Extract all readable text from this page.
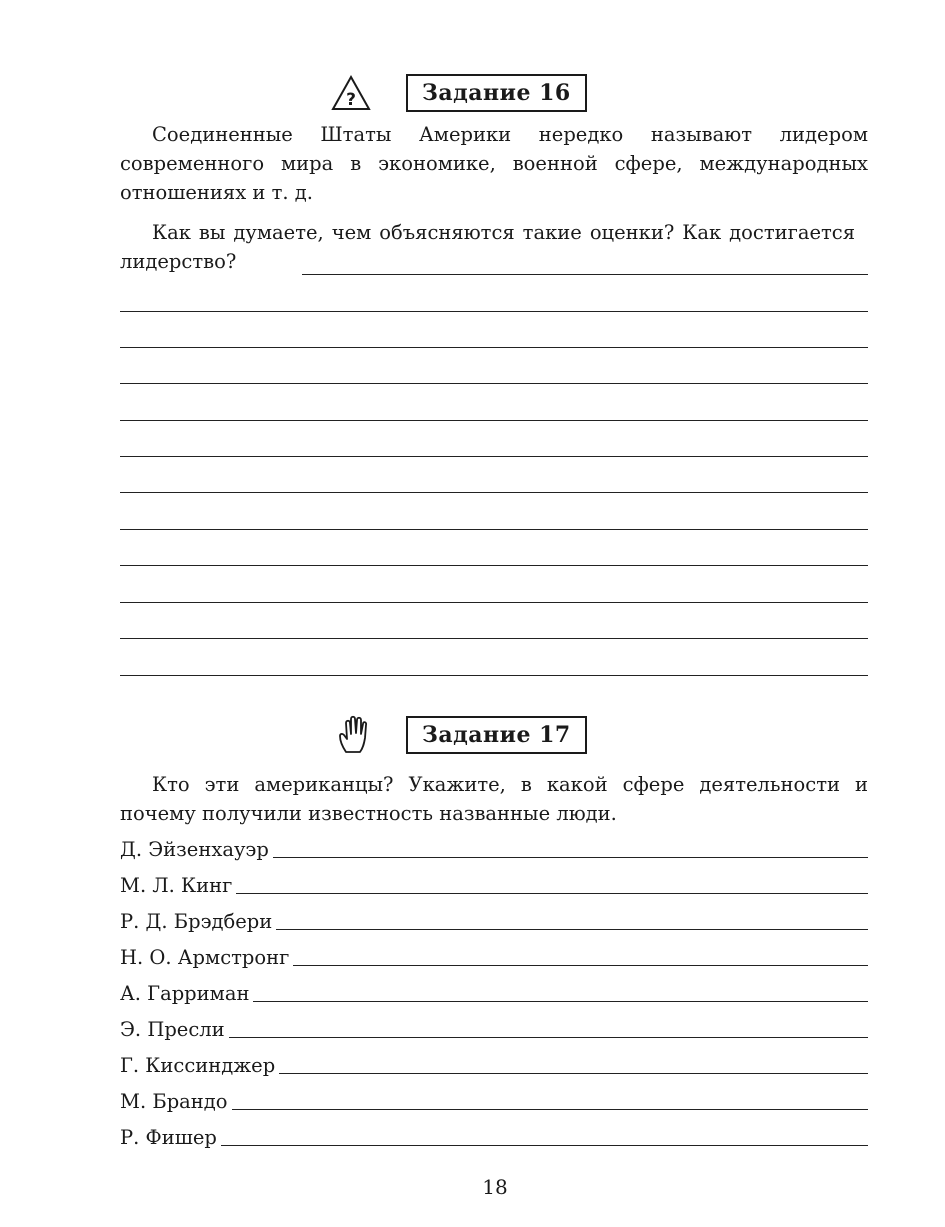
?	Задание 16
Соединенные Штаты Америки нередко называют лидером современного мира в экономике, военной сфере, международных отношениях и т. д.
Как вы думаете, чем объясняются такие оценки? Как достигается лидерство?
Задание 17
Кто эти американцы? Укажите, в какой сфере деятельности и почему получили известность названные люди.
Д. Эйзенхауэр
М. Л. Кинг
Р. Д. Брэдбери
Н. О. Армстронг
А. Гарриман
Э. Пресли
Г. Киссинджер
М. Брандо
Р. Фишер
18
